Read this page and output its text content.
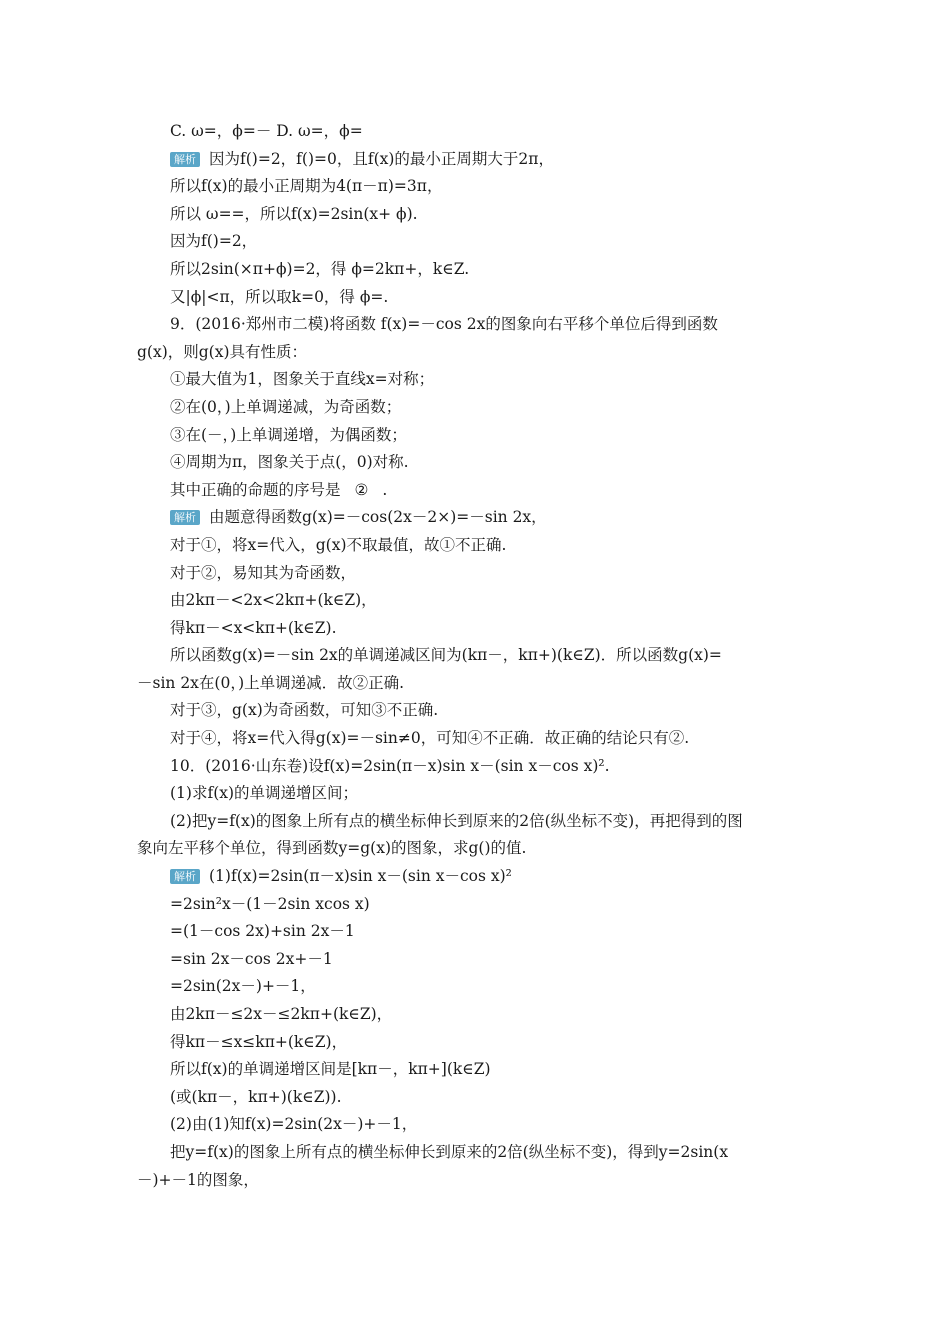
C. ω=，ϕ=－ D. ω=，ϕ=
解析 因为f()=2，f()=0，且f(x)的最小正周期大于2π，
所以f(x)的最小正周期为4(π－π)=3π，
所以 ω==，所以f(x)=2sin(x+ ϕ).
因为f()=2，
所以2sin(×π+ϕ)=2，得 ϕ=2kπ+，k∈Z.
又|ϕ|<π，所以取k=0，得 ϕ=.
9．(2016·郑州市二模)将函数 f(x)=－cos 2x的图象向右平移个单位后得到函数
g(x)，则g(x)具有性质：
①最大值为1，图象关于直线x=对称；
②在(0，)上单调递减，为奇函数；
③在(－，)上单调递增，为偶函数；
④周期为π，图象关于点(，0)对称.
其中正确的命题的序号是 ② .
解析 由题意得函数g(x)=－cos(2x－2×)=－sin 2x，
对于①，将x=代入，g(x)不取最值，故①不正确.
对于②，易知其为奇函数，
由2kπ－<2x<2kπ+(k∈Z)，
得kπ－<x<kπ+(k∈Z).
所以函数g(x)=－sin 2x的单调递减区间为(kπ－，kπ+)(k∈Z)．所以函数g(x)=
－sin 2x在(0，)上单调递减．故②正确.
对于③，g(x)为奇函数，可知③不正确.
对于④，将x=代入得g(x)=－sin≠0，可知④不正确．故正确的结论只有②.
10．(2016·山东卷)设f(x)=2sin(π－x)sin x－(sin x－cos x)².
(1)求f(x)的单调递增区间；
(2)把y=f(x)的图象上所有点的横坐标伸长到原来的2倍(纵坐标不变)，再把得到的图
象向左平移个单位，得到函数y=g(x)的图象，求g()的值.
解析 (1)f(x)=2sin(π－x)sin x－(sin x－cos x)²
=2sin²x－(1－2sin xcos x)
=(1－cos 2x)+sin 2x－1
=sin 2x－cos 2x+－1
=2sin(2x－)+－1，
由2kπ－≤2x－≤2kπ+(k∈Z)，
得kπ－≤x≤kπ+(k∈Z)，
所以f(x)的单调递增区间是[kπ－，kπ+](k∈Z)
(或(kπ－，kπ+)(k∈Z)).
(2)由(1)知f(x)=2sin(2x－)+－1，
把y=f(x)的图象上所有点的横坐标伸长到原来的2倍(纵坐标不变)，得到y=2sin(x
－)+－1的图象，
